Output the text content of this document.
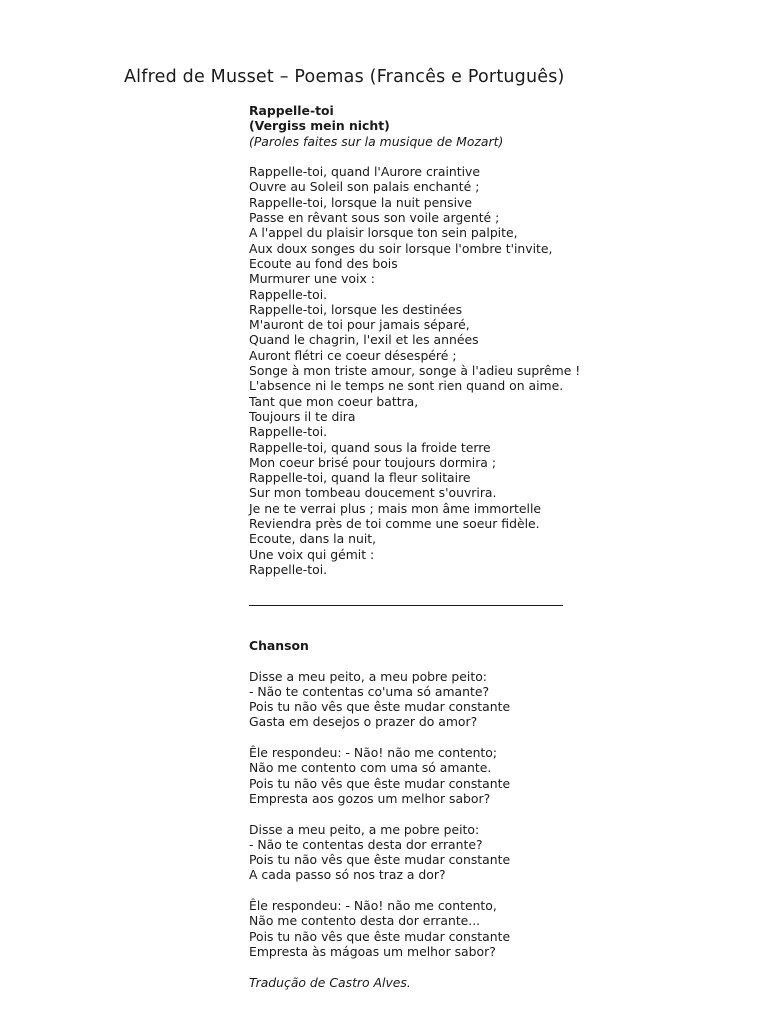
Alfred de Musset – Poemas (Francês e Português)
Rappelle-toi
(Vergiss mein nicht)
(Paroles faites sur la musique de Mozart)
Rappelle-toi, quand l'Aurore craintive
Ouvre au Soleil son palais enchanté ;
Rappelle-toi, lorsque la nuit pensive
Passe en rêvant sous son voile argenté ;
A l'appel du plaisir lorsque ton sein palpite,
Aux doux songes du soir lorsque l'ombre t'invite,
Ecoute au fond des bois
Murmurer une voix :
Rappelle-toi.
Rappelle-toi, lorsque les destinées
M'auront de toi pour jamais séparé,
Quand le chagrin, l'exil et les années
Auront flétri ce coeur désespéré ;
Songe à mon triste amour, songe à l'adieu suprême !
L'absence ni le temps ne sont rien quand on aime.
Tant que mon coeur battra,
Toujours il te dira
Rappelle-toi.
Rappelle-toi, quand sous la froide terre
Mon coeur brisé pour toujours dormira ;
Rappelle-toi, quand la fleur solitaire
Sur mon tombeau doucement s'ouvrira.
Je ne te verrai plus ; mais mon âme immortelle
Reviendra près de toi comme une soeur fidèle.
Ecoute, dans la nuit,
Une voix qui gémit :
Rappelle-toi.
Chanson
Disse a meu peito, a meu pobre peito:
- Não te contentas co'uma só amante?
Pois tu não vês que êste mudar constante
Gasta em desejos o prazer do amor?
Êle respondeu: - Não! não me contento;
Não me contento com uma só amante.
Pois tu não vês que êste mudar constante
Empresta aos gozos um melhor sabor?
Disse a meu peito, a me pobre peito:
- Não te contentas desta dor errante?
Pois tu não vês que êste mudar constante
A cada passo só nos traz a dor?
Êle respondeu: - Não! não me contento,
Não me contento desta dor errante...
Pois tu não vês que êste mudar constante
Empresta às mágoas um melhor sabor?
Tradução de Castro Alves.
